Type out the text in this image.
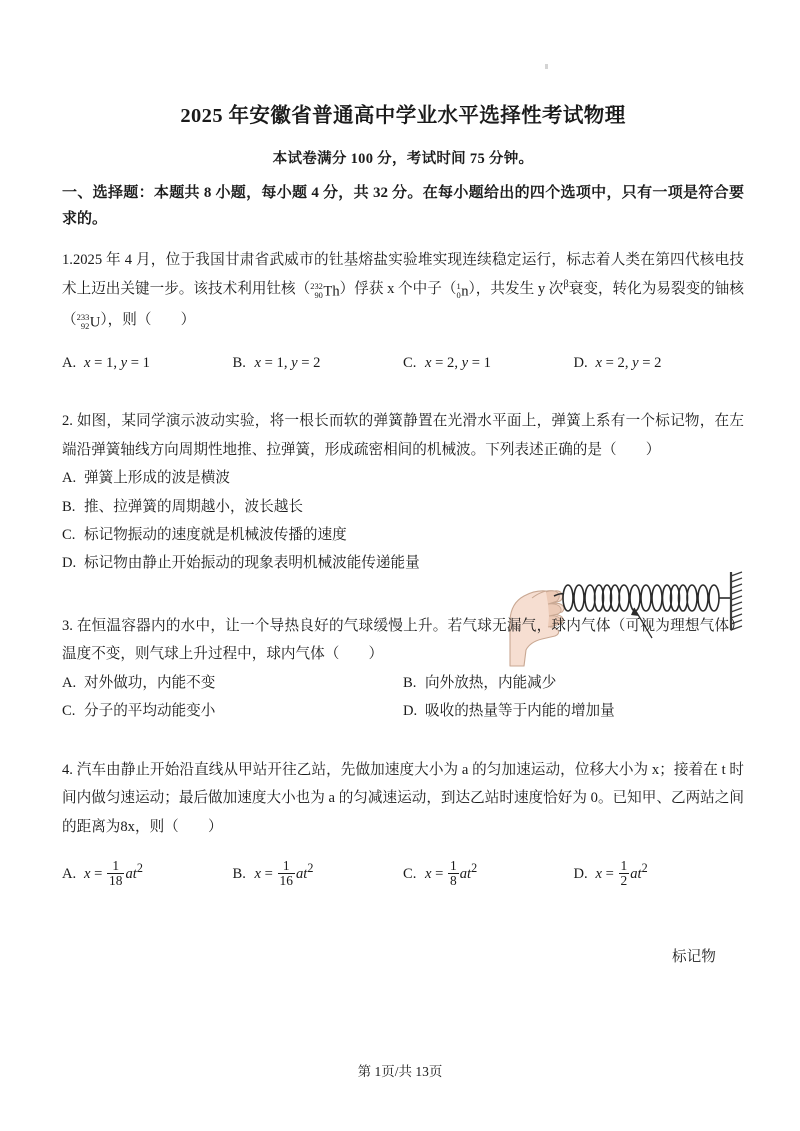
2025 年安徽省普通高中学业水平选择性考试物理
本试卷满分 100 分，考试时间 75 分钟。
一、选择题：本题共 8 小题，每小题 4 分，共 32 分。在每小题给出的四个选项中，只有一项是符合要求的。
1.2025 年 4 月，位于我国甘肃省武威市的钍基熔盐实验堆实现连续稳定运行，标志着人类在第四代核电技术上迈出关键一步。该技术利用钍核（ 232
90 Th）俘获 x 个中子（ 1
0 n），共发生 y 次$^\beta$衰变，转化为易裂变的铀核（ 233
92 U），则（　　）
A. x = 1, y = 1	B. x = 1, y = 2	C. x = 2, y = 1	D. x = 2, y = 2
标记物
2. 如图，某同学演示波动实验，将一根长而软的弹簧静置在光滑水平面上，弹簧上系有一个标记物，在左端沿弹簧轴线方向周期性地推、拉弹簧，形成疏密相间的机械波。下列表述正确的是（　　）
A. 弹簧上形成的波是横波
B. 推、拉弹簧的周期越小，波长越长
C. 标记物振动的速度就是机械波传播的速度
D. 标记物由静止开始振动的现象表明机械波能传递能量
3. 在恒温容器内的水中，让一个导热良好的气球缓慢上升。若气球无漏气，球内气体（可视为理想气体）温度不变，则气球上升过程中，球内气体（　　）
A. 对外做功，内能不变	B. 向外放热，内能减少
C. 分子的平均动能变小	D. 吸收的热量等于内能的增加量
4. 汽车由静止开始沿直线从甲站开往乙站，先做加速度大小为 a 的匀加速运动，位移大小为 x；接着在 t 时间内做匀速运动；最后做加速度大小也为 a 的匀减速运动，到达乙站时速度恰好为 0。已知甲、乙两站之间的距离为8x，则（　　）
A. $x = \frac{1}{18} at^2$	B. $x = \frac{1}{16} at^2$	C. $x = \frac{1}{8} at^2$	D. $x = \frac{1}{2} at^2$
第 1页/共 13页
